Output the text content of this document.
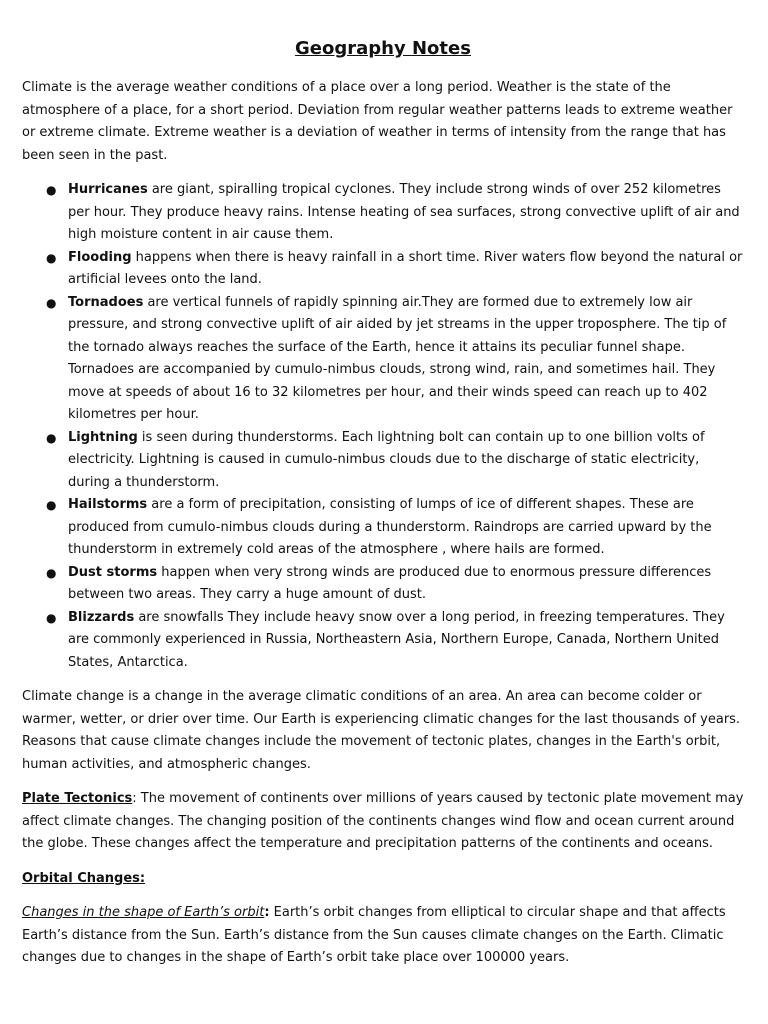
Geography Notes

Climate is the average weather conditions of a place over a long period. Weather is the state of the atmosphere of a place, for a short period. Deviation from regular weather patterns leads to extreme weather or extreme climate. Extreme weather is a deviation of weather in terms of intensity from the range that has been seen in the past.

● Hurricanes are giant, spiralling tropical cyclones. They include strong winds of over 252 kilometres per hour. They produce heavy rains. Intense heating of sea surfaces, strong convective uplift of air and high moisture content in air cause them.
● Flooding happens when there is heavy rainfall in a short time. River waters flow beyond the natural or artificial levees onto the land.
● Tornadoes are vertical funnels of rapidly spinning air.They are formed due to extremely low air pressure, and strong convective uplift of air aided by jet streams in the upper troposphere. The tip of the tornado always reaches the surface of the Earth, hence it attains its peculiar funnel shape. Tornadoes are accompanied by cumulo-nimbus clouds, strong wind, rain, and sometimes hail. They move at speeds of about 16 to 32 kilometres per hour, and their winds speed can reach up to 402 kilometres per hour.
● Lightning is seen during thunderstorms. Each lightning bolt can contain up to one billion volts of electricity. Lightning is caused in cumulo-nimbus clouds due to the discharge of static electricity, during a thunderstorm.
● Hailstorms are a form of precipitation, consisting of lumps of ice of different shapes. These are produced from cumulo-nimbus clouds during a thunderstorm. Raindrops are carried upward by the thunderstorm in extremely cold areas of the atmosphere , where hails are formed.
● Dust storms happen when very strong winds are produced due to enormous pressure differences between two areas. They carry a huge amount of dust.
● Blizzards are snowfalls They include heavy snow over a long period, in freezing temperatures. They are commonly experienced in Russia, Northeastern Asia, Northern Europe, Canada, Northern United States, Antarctica.

Climate change is a change in the average climatic conditions of an area. An area can become colder or warmer, wetter, or drier over time. Our Earth is experiencing climatic changes for the last thousands of years. Reasons that cause climate changes include the movement of tectonic plates, changes in the Earth's orbit, human activities, and atmospheric changes.

Plate Tectonics: The movement of continents over millions of years caused by tectonic plate movement may affect climate changes. The changing position of the continents changes wind flow and ocean current around the globe. These changes affect the temperature and precipitation patterns of the continents and oceans.

Orbital Changes:

Changes in the shape of Earth’s orbit: Earth’s orbit changes from elliptical to circular shape and that affects Earth’s distance from the Sun. Earth’s distance from the Sun causes climate changes on the Earth. Climatic changes due to changes in the shape of Earth’s orbit take place over 100000 years.
